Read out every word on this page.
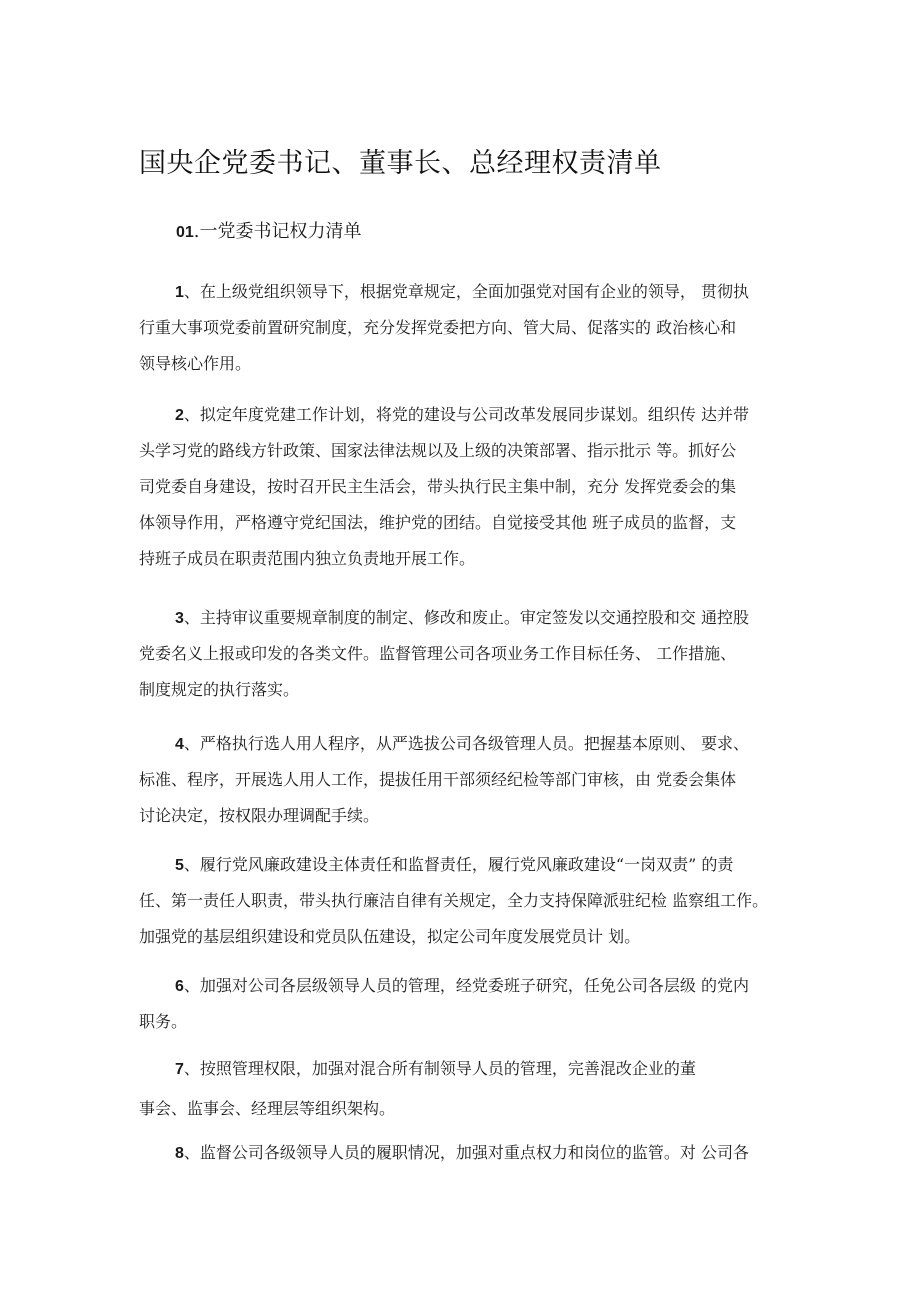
国央企党委书记、董事长、总经理权责清单
01.一党委书记权力清单
1、在上级党组织领导下，根据党章规定，全面加强党对国有企业的领导， 贯彻执
行重大事项党委前置研究制度，充分发挥党委把方向、管大局、促落实的 政治核心和
领导核心作用。
2、拟定年度党建工作计划，将党的建设与公司改革发展同步谋划。组织传 达并带
头学习党的路线方针政策、国家法律法规以及上级的决策部署、指示批示 等。抓好公
司党委自身建设，按时召开民主生活会，带头执行民主集中制，充分 发挥党委会的集
体领导作用，严格遵守党纪国法，维护党的团结。自觉接受其他 班子成员的监督，支
持班子成员在职责范围内独立负责地开展工作。
3、主持审议重要规章制度的制定、修改和废止。审定签发以交通控股和交 通控股
党委名义上报或印发的各类文件。监督管理公司各项业务工作目标任务、 工作措施、
制度规定的执行落实。
4、严格执行选人用人程序，从严选拔公司各级管理人员。把握基本原则、 要求、
标准、程序，开展选人用人工作，提拔任用干部须经纪检等部门审核，由 党委会集体
讨论决定，按权限办理调配手续。
5、履行党风廉政建设主体责任和监督责任，履行党风廉政建设“一岗双责” 的责
任、第一责任人职责，带头执行廉洁自律有关规定，全力支持保障派驻纪检 监察组工作。
加强党的基层组织建设和党员队伍建设，拟定公司年度发展党员计 划。
6、加强对公司各层级领导人员的管理，经党委班子研究，任免公司各层级 的党内
职务。
7、按照管理权限，加强对混合所有制领导人员的管理，完善混改企业的董
事会、监事会、经理层等组织架构。
8、监督公司各级领导人员的履职情况，加强对重点权力和岗位的监管。对 公司各
